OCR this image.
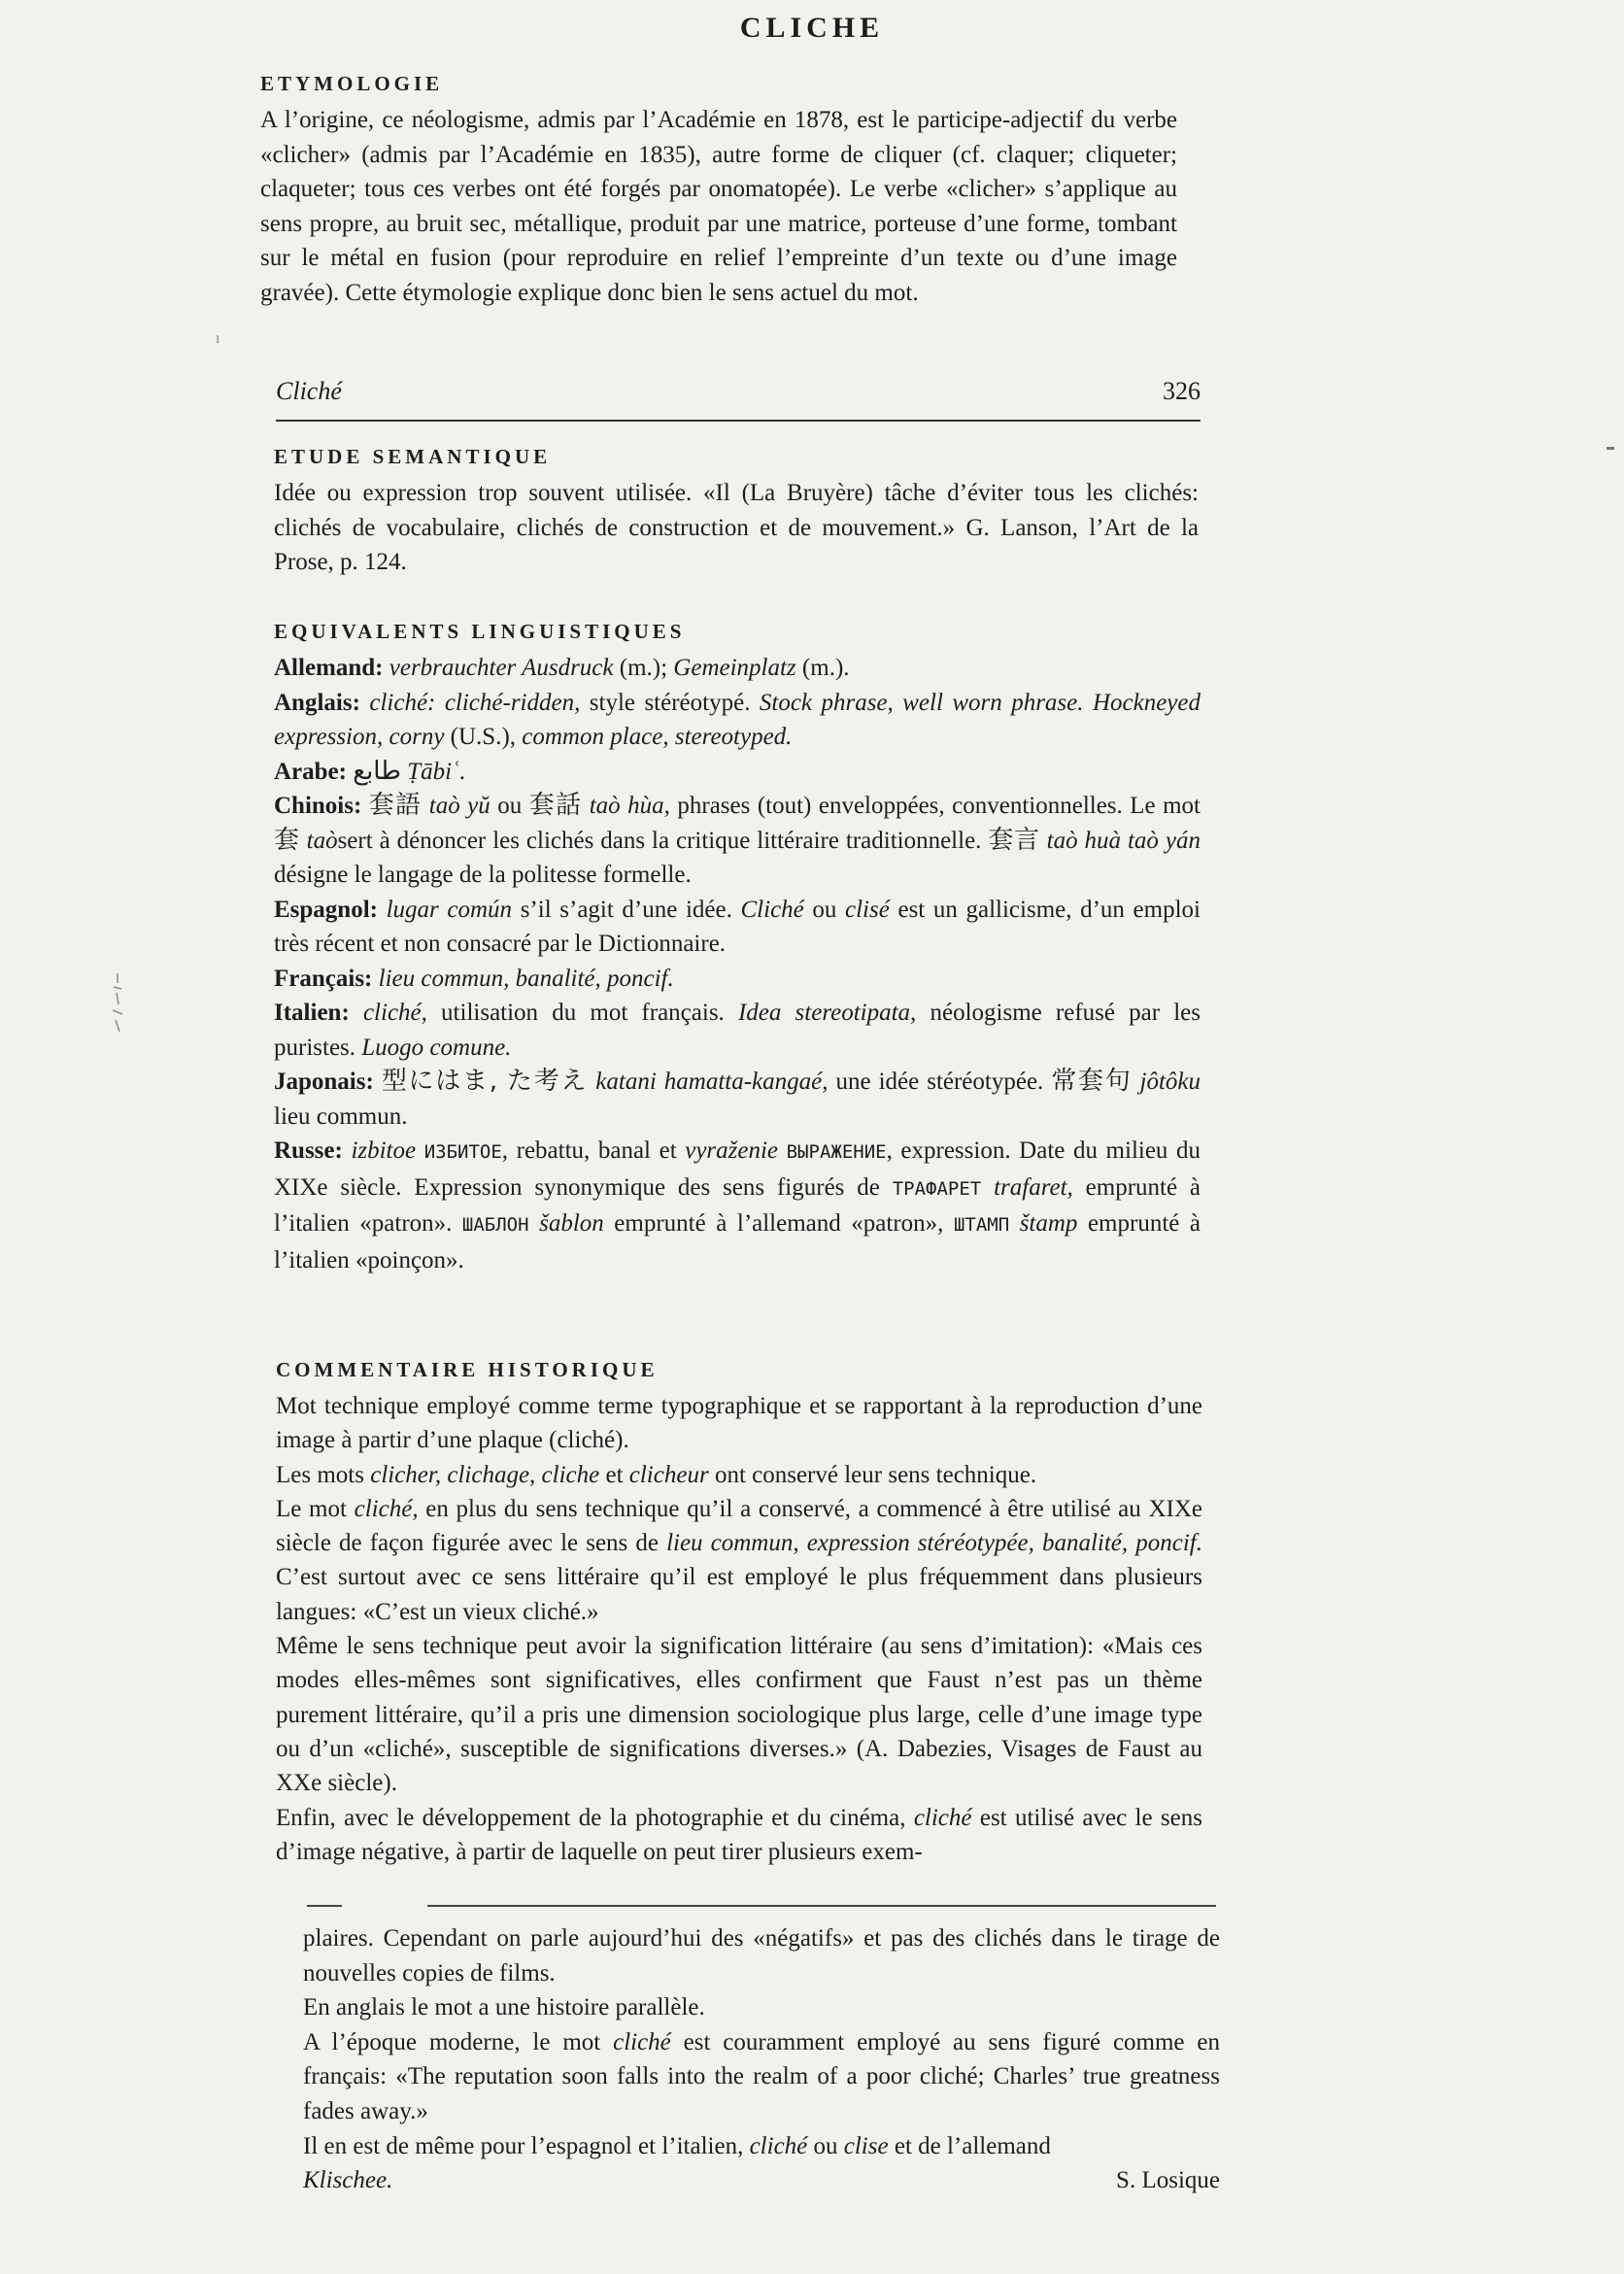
CLICHE
ETYMOLOGIE

A l’origine, ce néologisme, admis par l’Académie en 1878, est le participe-adjectif du verbe «clicher» (admis par l’Académie en 1835), autre forme de cliquer (cf. claquer; cliqueter; claqueter; tous ces verbes ont été forgés par onomatopée). Le verbe «clicher» s’applique au sens propre, au bruit sec, métallique, produit par une matrice, porteuse d’une forme, tombant sur le métal en fusion (pour reproduire en relief l’empreinte d’un texte ou d’une image gravée). Cette étymologie explique donc bien le sens actuel du mot.

ı
Cliché	326
ETUDE SEMANTIQUE

Idée ou expression trop souvent utilisée. «Il (La Bruyère) tâche d’éviter tous les clichés: clichés de vocabulaire, clichés de construction et de mouvement.» G. Lanson, l’Art de la Prose, p. 124.

EQUIVALENTS LINGUISTIQUES

Allemand: verbrauchter Ausdruck (m.); Gemeinplatz (m.).

Anglais: cliché: cliché-ridden, style stéréotypé. Stock phrase, well worn phrase. Hockneyed expression, corny (U.S.), common place, stereotyped.

Arabe: طابع Ṭābiʿ.

Chinois: 套語 taò yŭ ou 套話 taò hùa, phrases (tout) enveloppées, conventionnelles. Le mot 套 taòsert à dénoncer les clichés dans la critique littéraire traditionnelle. 套言 taò huà taò yán désigne le langage de la politesse formelle.

Espagnol: lugar común s’il s’agit d’une idée. Cliché ou clisé est un gallicisme, d’un emploi très récent et non consacré par le Dictionnaire.

Français: lieu commun, banalité, poncif.

Italien: cliché, utilisation du mot français. Idea stereotipata, néologisme refusé par les puristes. Luogo comune.

Japonais: 型にはま, た考え katani hamatta-kangaé, une idée stéréotypée. 常套句 jôtôku lieu commun.

Russe: izbitoe ИЗБИТОЕ, rebattu, banal et vyraženie ВЫРАЖЕНИЕ, expression. Date du milieu du XIXe siècle. Expression synonymique des sens figurés de ТРАФАРЕТ trafaret, emprunté à l’italien «patron». ШАБЛОН šablon emprunté à l’allemand «patron», ШТАМП štamp emprunté à l’italien «poinçon».

COMMENTAIRE HISTORIQUE

Mot technique employé comme terme typographique et se rapportant à la reproduction d’une image à partir d’une plaque (cliché).

Les mots clicher, clichage, cliche et clicheur ont conservé leur sens technique.

Le mot cliché, en plus du sens technique qu’il a conservé, a commencé à être utilisé au XIXe siècle de façon figurée avec le sens de lieu commun, expression stéréotypée, banalité, poncif. C’est surtout avec ce sens littéraire qu’il est employé le plus fréquemment dans plusieurs langues: «C’est un vieux cliché.»

Même le sens technique peut avoir la signification littéraire (au sens d’imitation): «Mais ces modes elles-mêmes sont significatives, elles confirment que Faust n’est pas un thème purement littéraire, qu’il a pris une dimension sociologique plus large, celle d’une image type ou d’un «cliché», susceptible de significations diverses.» (A. Dabezies, Visages de Faust au XXe siècle).

Enfin, avec le développement de la photographie et du cinéma, cliché est utilisé avec le sens d’image négative, à partir de laquelle on peut tirer plusieurs exem-

plaires. Cependant on parle aujourd’hui des «négatifs» et pas des clichés dans le tirage de nouvelles copies de films.

En anglais le mot a une histoire parallèle.

A l’époque moderne, le mot cliché est couramment employé au sens figuré comme en français: «The reputation soon falls into the realm of a poor cliché; Charles’ true greatness fades away.»

Il en est de même pour l’espagnol et l’italien, cliché ou clise et de l’allemand

Klischee.	S. Losique
